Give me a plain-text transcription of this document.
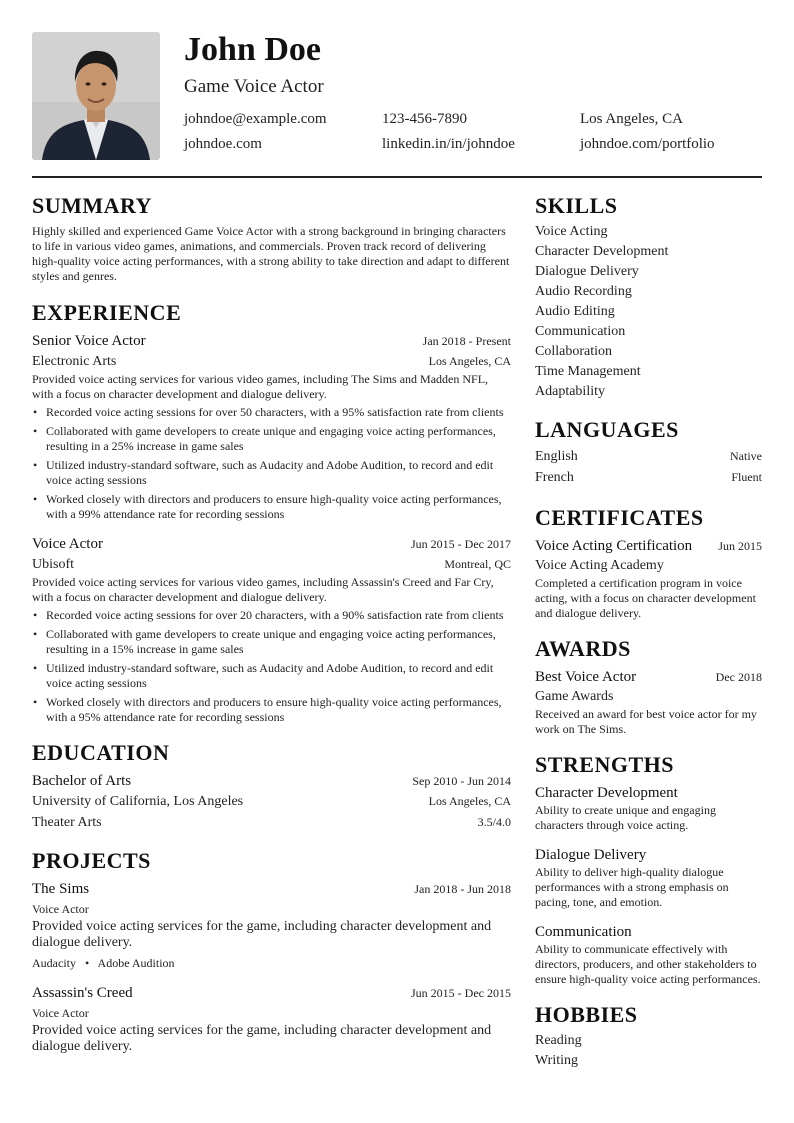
John Doe
Game Voice Actor
johndoe@example.com	123-456-7890	Los Angeles, CA
johndoe.com	linkedin.in/in/johndoe	johndoe.com/portfolio
SUMMARY

Highly skilled and experienced Game Voice Actor with a strong background in bringing characters to life in various video games, animations, and commercials. Proven track record of delivering high-quality voice acting performances, with a strong ability to take direction and adapt to different styles and genres.

EXPERIENCE
Senior Voice Actor	Jan 2018 - Present
Electronic Arts	Los Angeles, CA

Provided voice acting services for various video games, including The Sims and Madden NFL, with a focus on character development and dialogue delivery.

• Recorded voice acting sessions for over 50 characters, with a 95% satisfaction rate from clients
• Collaborated with game developers to create unique and engaging voice acting performances, resulting in a 25% increase in game sales
• Utilized industry-standard software, such as Audacity and Adobe Audition, to record and edit voice acting sessions
• Worked closely with directors and producers to ensure high-quality voice acting performances, with a 99% attendance rate for recording sessions
Voice Actor	Jun 2015 - Dec 2017
Ubisoft	Montreal, QC

Provided voice acting services for various video games, including Assassin's Creed and Far Cry, with a focus on character development and dialogue delivery.

• Recorded voice acting sessions for over 20 characters, with a 90% satisfaction rate from clients
• Collaborated with game developers to create unique and engaging voice acting performances, resulting in a 15% increase in game sales
• Utilized industry-standard software, such as Audacity and Adobe Audition, to record and edit voice acting sessions
• Worked closely with directors and producers to ensure high-quality voice acting performances, with a 95% attendance rate for recording sessions
EDUCATION
Bachelor of Arts	Sep 2010 - Jun 2014
University of California, Los Angeles	Los Angeles, CA
Theater Arts	3.5/4.0
PROJECTS
The Sims	Jan 2018 - Jun 2018
Voice Actor

Provided voice acting services for the game, including character development and dialogue delivery.

Audacity • Adobe Audition
Assassin's Creed	Jun 2015 - Dec 2015
Voice Actor

Provided voice acting services for the game, including character development and dialogue delivery.

SKILLS
Voice Acting
Character Development
Dialogue Delivery
Audio Recording
Audio Editing
Communication
Collaboration
Time Management
Adaptability
LANGUAGES
English	Native
French	Fluent
CERTIFICATES
Voice Acting Certification Jun 2015
Voice Acting Academy

Completed a certification program in voice acting, with a focus on character development and dialogue delivery.

AWARDS
Best Voice Actor	Dec 2018
Game Awards

Received an award for best voice actor for my work on The Sims.

STRENGTHS
Character Development

Ability to create unique and engaging characters through voice acting.

Dialogue Delivery

Ability to deliver high-quality dialogue performances with a strong emphasis on pacing, tone, and emotion.

Communication

Ability to communicate effectively with directors, producers, and other stakeholders to ensure high-quality voice acting performances.

HOBBIES
Reading
Writing
